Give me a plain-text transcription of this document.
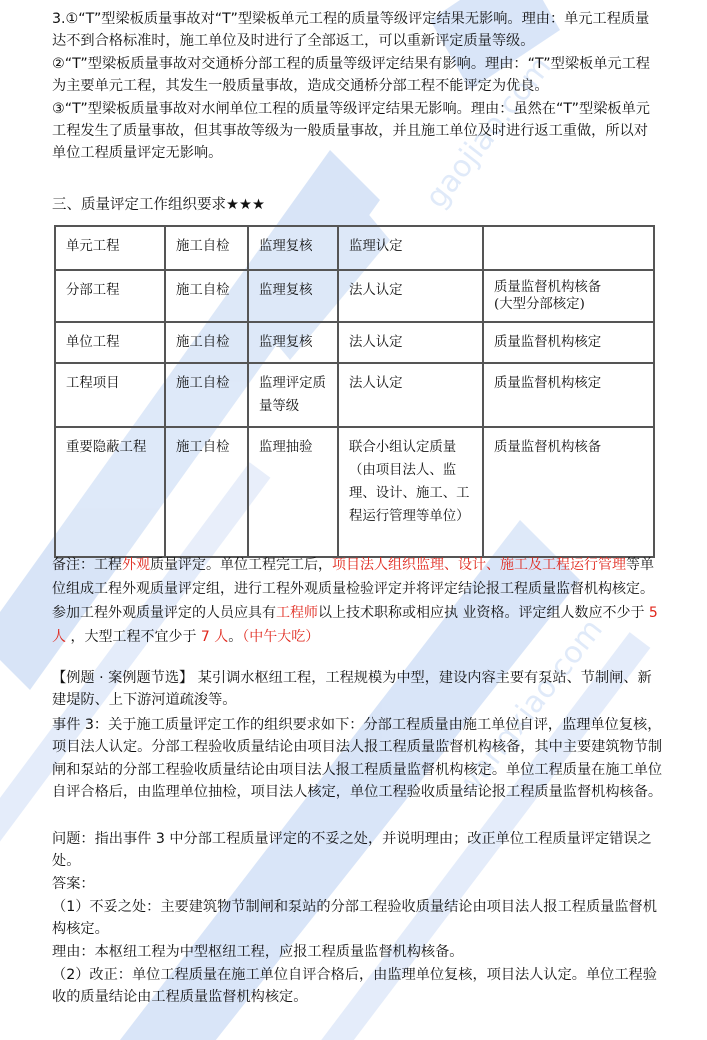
gaojiao.com
wangxiao.com

3.①“T”型梁板质量事故对“T”型梁板单元工程的质量等级评定结果无影响。理由：单元工程质量达不到合格标准时，施工单位及时进行了全部返工，可以重新评定质量等级。

②“T”型梁板质量事故对交通桥分部工程的质量等级评定结果有影响。理由：“T”型梁板单元工程为主要单元工程，其发生一般质量事故，造成交通桥分部工程不能评定为优良。

③“T”型梁板质量事故对水闸单位工程的质量等级评定结果无影响。理由：虽然在“T”型梁板单元工程发生了质量事故，但其事故等级为一般质量事故，并且施工单位及时进行返工重做，所以对单位工程质量评定无影响。

三、质量评定工作组织要求★★★

单元工程	施工自检	监理复核	监理认定	
分部工程	施工自检	监理复核	法人认定	质量监督机构核备
(大型分部核定)
单位工程	施工自检	监理复核	法人认定	质量监督机构核定
工程项目	施工自检	监理评定质量等级	法人认定	质量监督机构核定
重要隐蔽工程	施工自检	监理抽验	联合小组认定质量（由项目法人、监理、设计、施工、工程运行管理等单位）	质量监督机构核备

备注：工程外观质量评定。单位工程完工后，项目法人组织监理、设计、施工及工程运行管理等单位组成工程外观质量评定组，进行工程外观质量检验评定并将评定结论报工程质量监督机构核定。参加工程外观质量评定的人员应具有工程师以上技术职称或相应执 业资格。评定组人数应不少于 5 人 ，大型工程不宜少于 7 人。（中午大吃）

【例题 · 案例题节选】 某引调水枢纽工程，工程规模为中型，建设内容主要有泵站、节制闸、新建堤防、上下游河道疏浚等。

事件 3：关于施工质量评定工作的组织要求如下：分部工程质量由施工单位自评，监理单位复核，项目法人认定。分部工程验收质量结论由项目法人报工程质量监督机构核备，其中主要建筑物节制闸和泵站的分部工程验收质量结论由项目法人报工程质量监督机构核定。单位工程质量在施工单位自评合格后，由监理单位抽检，项目法人核定，单位工程验收质量结论报工程质量监督机构核备。

问题：指出事件 3 中分部工程质量评定的不妥之处，并说明理由；改正单位工程质量评定错误之处。

答案：

（1）不妥之处：主要建筑物节制闸和泵站的分部工程验收质量结论由项目法人报工程质量监督机构核定。

理由：本枢纽工程为中型枢纽工程，应报工程质量监督机构核备。

（2）改正：单位工程质量在施工单位自评合格后，由监理单位复核，项目法人认定。单位工程验收的质量结论由工程质量监督机构核定。
